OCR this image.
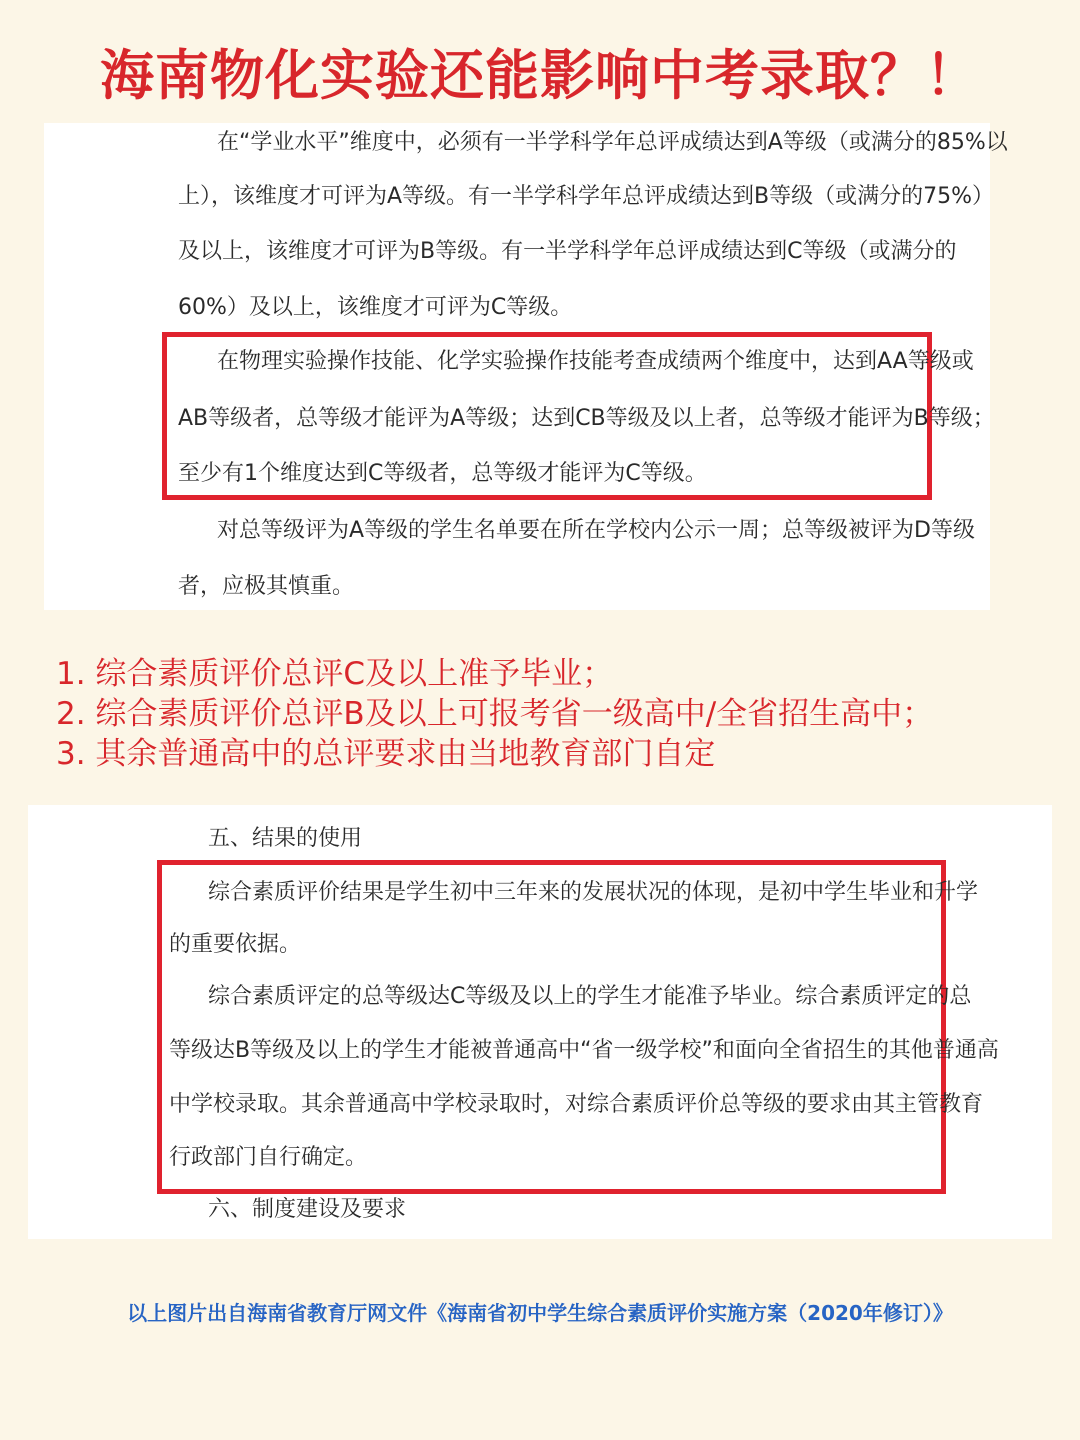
海南物化实验还能影响中考录取？！
在“学业水平”维度中，必须有一半学科学年总评成绩达到A等级（或满分的85%以
上），该维度才可评为A等级。有一半学科学年总评成绩达到B等级（或满分的75%）
及以上，该维度才可评为B等级。有一半学科学年总评成绩达到C等级（或满分的
60%）及以上，该维度才可评为C等级。
在物理实验操作技能、化学实验操作技能考查成绩两个维度中，达到AA等级或
AB等级者，总等级才能评为A等级；达到CB等级及以上者，总等级才能评为B等级；
至少有1个维度达到C等级者，总等级才能评为C等级。
对总等级评为A等级的学生名单要在所在学校内公示一周；总等级被评为D等级
者，应极其慎重。
1. 综合素质评价总评C及以上准予毕业；
2. 综合素质评价总评B及以上可报考省一级高中/全省招生高中；
3. 其余普通高中的总评要求由当地教育部门自定
五、结果的使用
综合素质评价结果是学生初中三年来的发展状况的体现，是初中学生毕业和升学
的重要依据。
综合素质评定的总等级达C等级及以上的学生才能准予毕业。综合素质评定的总
等级达B等级及以上的学生才能被普通高中“省一级学校”和面向全省招生的其他普通高
中学校录取。其余普通高中学校录取时，对综合素质评价总等级的要求由其主管教育
行政部门自行确定。
六、制度建设及要求
以上图片出自海南省教育厅网文件《海南省初中学生综合素质评价实施方案（2020年修订）》
